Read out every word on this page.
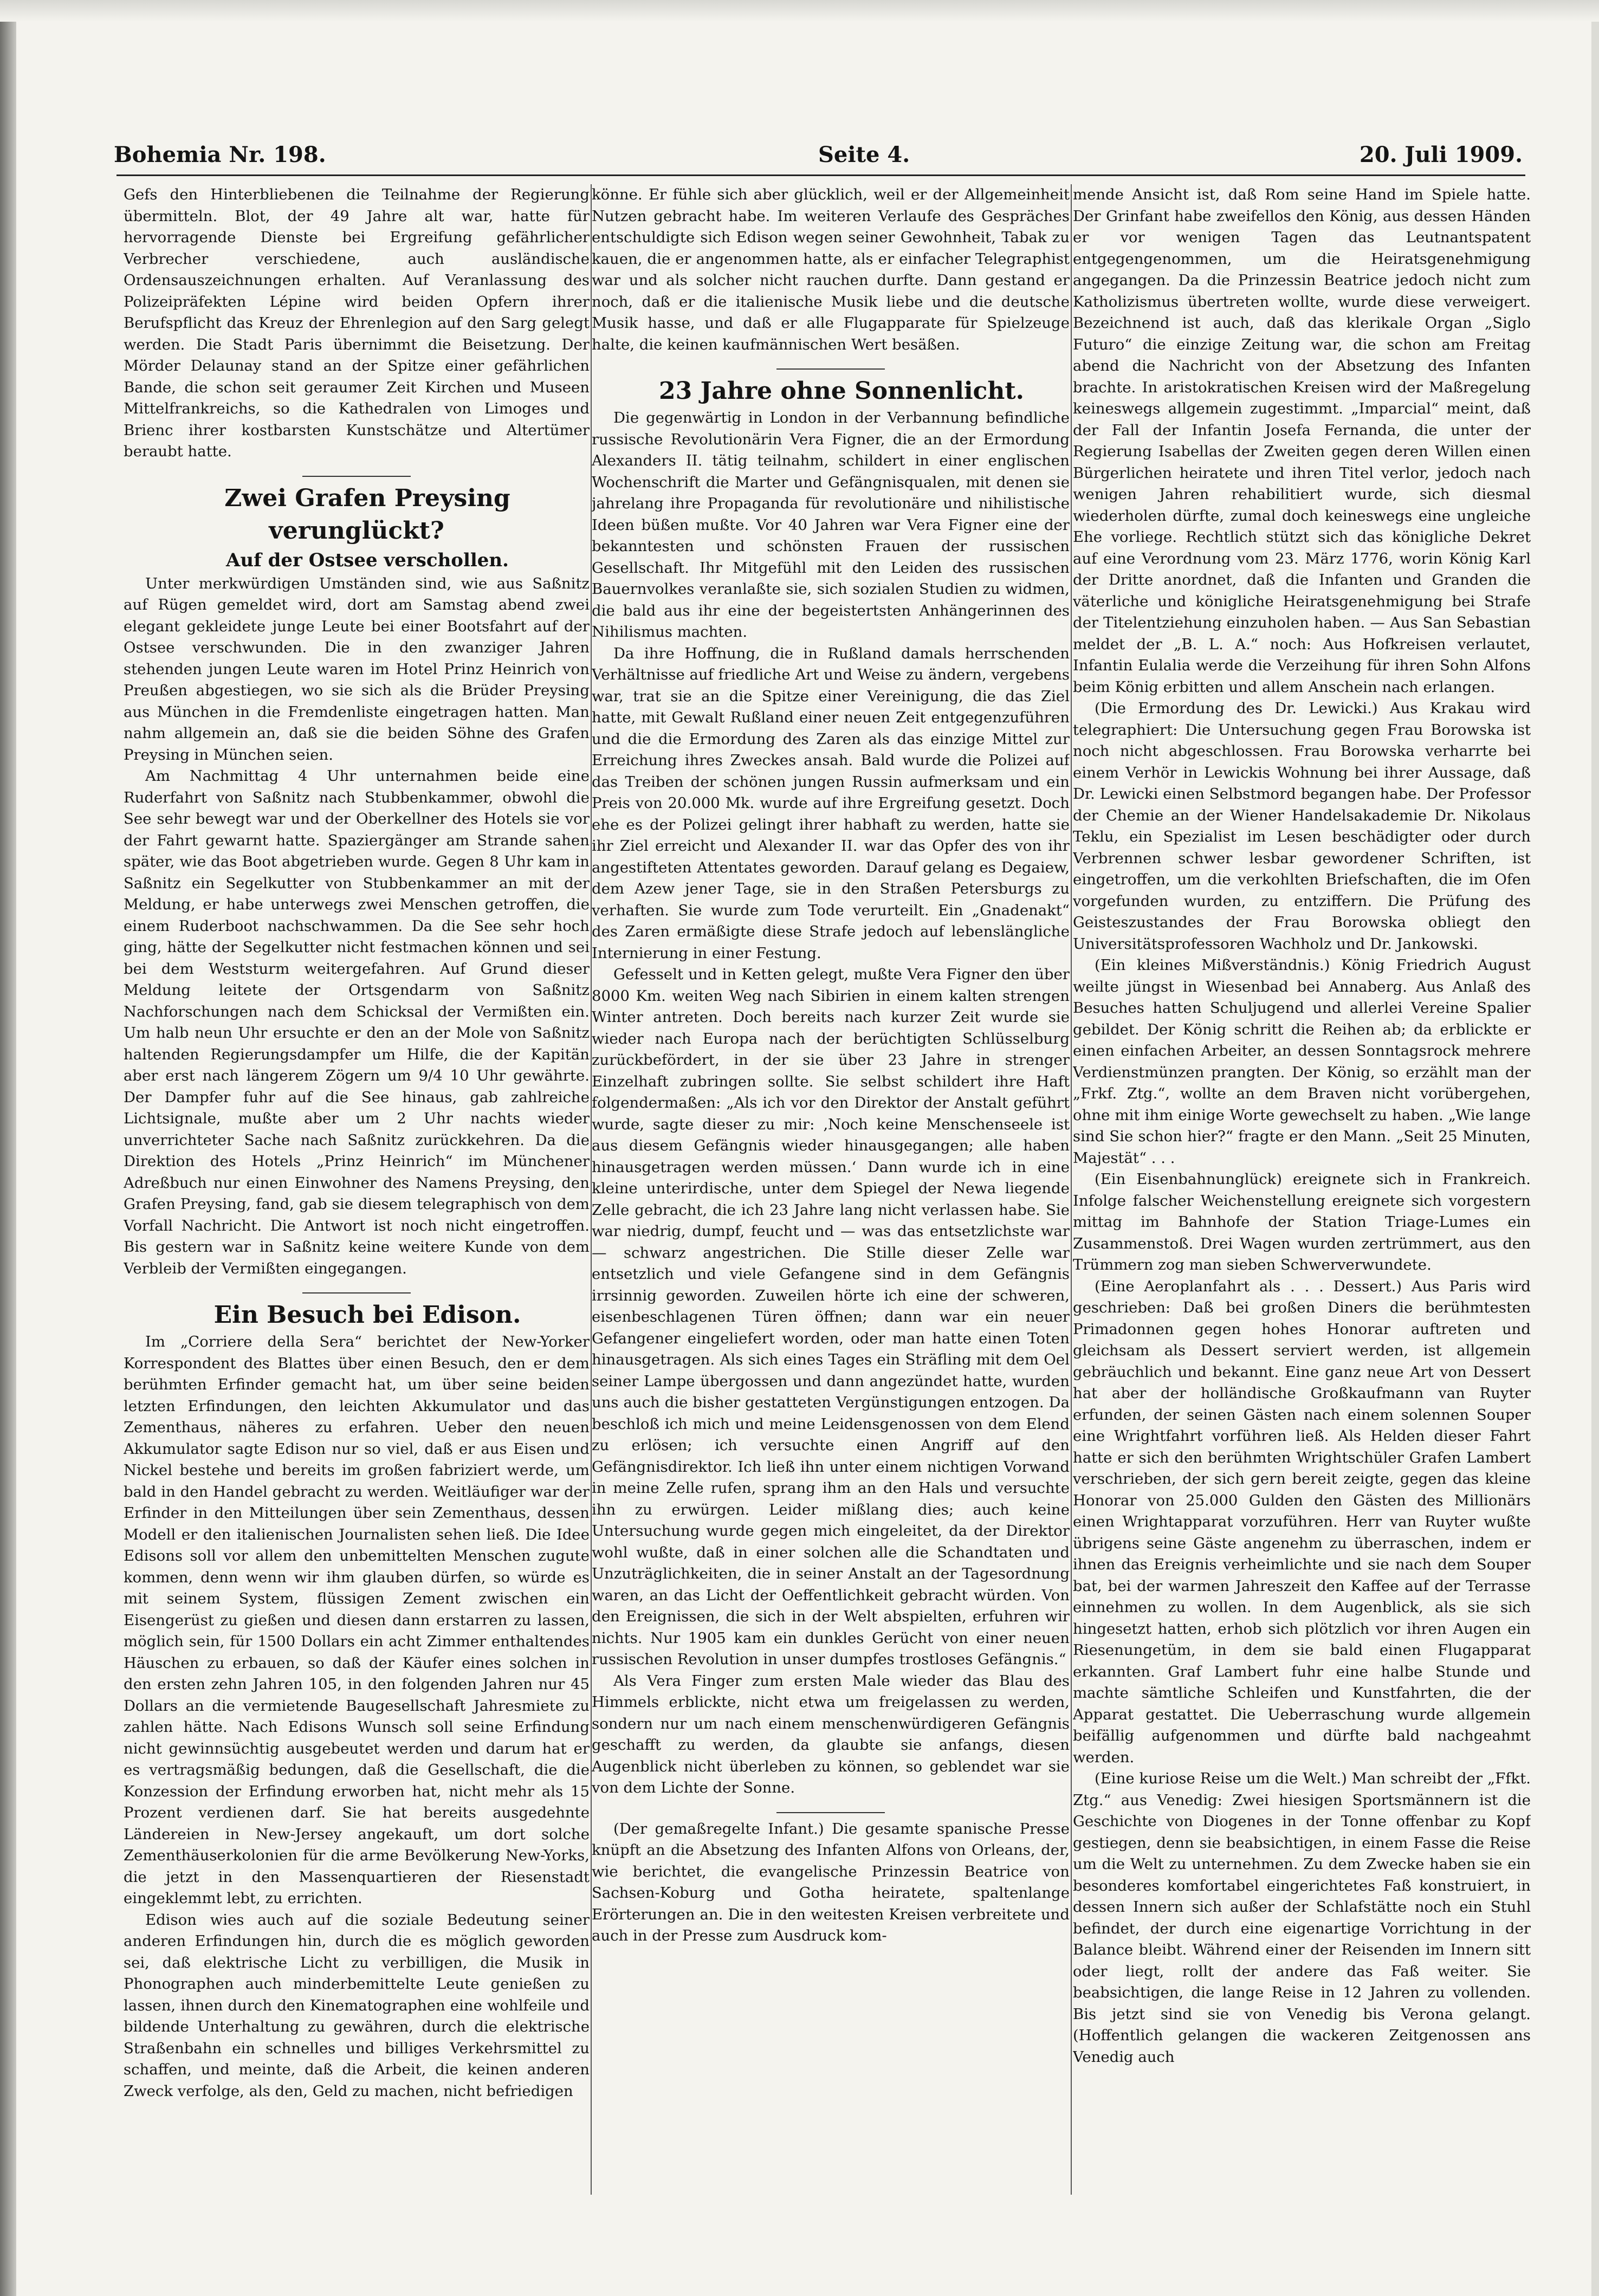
Bohemia Nr. 198.	Seite 4.	20. Juli 1909.

Gefs den Hinterbliebenen die Teilnahme der Regierung übermitteln. Blot, der 49 Jahre alt war, hatte für hervorragende Dienste bei Ergreifung gefährlicher Verbrecher verschiedene, auch ausländische Ordensauszeichnungen erhalten. Auf Veranlassung des Polizeipräfekten Lépine wird beiden Opfern ihrer Berufspflicht das Kreuz der Ehrenlegion auf den Sarg gelegt werden. Die Stadt Paris übernimmt die Beisetzung. Der Mörder Delaunay stand an der Spitze einer gefährlichen Bande, die schon seit geraumer Zeit Kirchen und Museen Mittelfrankreichs, so die Kathedralen von Limoges und Brienc ihrer kostbarsten Kunstschätze und Altertümer beraubt hatte.

Zwei Grafen Preysing verunglückt?

Auf der Ostsee verschollen.

Unter merkwürdigen Umständen sind, wie aus Saßnitz auf Rügen gemeldet wird, dort am Samstag abend zwei elegant gekleidete junge Leute bei einer Bootsfahrt auf der Ostsee verschwunden. Die in den zwanziger Jahren stehenden jungen Leute waren im Hotel Prinz Heinrich von Preußen abgestiegen, wo sie sich als die Brüder Preysing aus München in die Fremdenliste eingetragen hatten. Man nahm allgemein an, daß sie die beiden Söhne des Grafen Preysing in München seien.

Am Nachmittag 4 Uhr unternahmen beide eine Ruderfahrt von Saßnitz nach Stubbenkammer, obwohl die See sehr bewegt war und der Oberkellner des Hotels sie vor der Fahrt gewarnt hatte. Spaziergänger am Strande sahen später, wie das Boot abgetrieben wurde. Gegen 8 Uhr kam in Saßnitz ein Segelkutter von Stubbenkammer an mit der Meldung, er habe unterwegs zwei Menschen getroffen, die einem Ruderboot nachschwammen. Da die See sehr hoch ging, hätte der Segelkutter nicht festmachen können und sei bei dem Weststurm weitergefahren. Auf Grund dieser Meldung leitete der Ortsgendarm von Saßnitz Nachforschungen nach dem Schicksal der Vermißten ein. Um halb neun Uhr ersuchte er den an der Mole von Saßnitz haltenden Regierungsdampfer um Hilfe, die der Kapitän aber erst nach längerem Zögern um 9/4 10 Uhr gewährte. Der Dampfer fuhr auf die See hinaus, gab zahlreiche Lichtsignale, mußte aber um 2 Uhr nachts wieder unverrichteter Sache nach Saßnitz zurückkehren. Da die Direktion des Hotels „Prinz Heinrich“ im Münchener Adreßbuch nur einen Einwohner des Namens Preysing, den Grafen Preysing, fand, gab sie diesem telegraphisch von dem Vorfall Nachricht. Die Antwort ist noch nicht eingetroffen. Bis gestern war in Saßnitz keine weitere Kunde von dem Verbleib der Vermißten eingegangen.

Ein Besuch bei Edison.

Im „Corriere della Sera“ berichtet der New-Yorker Korrespondent des Blattes über einen Besuch, den er dem berühmten Erfinder gemacht hat, um über seine beiden letzten Erfindungen, den leichten Akkumulator und das Zementhaus, näheres zu erfahren. Ueber den neuen Akkumulator sagte Edison nur so viel, daß er aus Eisen und Nickel bestehe und bereits im großen fabriziert werde, um bald in den Handel gebracht zu werden. Weitläufiger war der Erfinder in den Mitteilungen über sein Zementhaus, dessen Modell er den italienischen Journalisten sehen ließ. Die Idee Edisons soll vor allem den unbemittelten Menschen zugute kommen, denn wenn wir ihm glauben dürfen, so würde es mit seinem System, flüssigen Zement zwischen ein Eisengerüst zu gießen und diesen dann erstarren zu lassen, möglich sein, für 1500 Dollars ein acht Zimmer enthaltendes Häuschen zu erbauen, so daß der Käufer eines solchen in den ersten zehn Jahren 105, in den folgenden Jahren nur 45 Dollars an die vermietende Baugesellschaft Jahresmiete zu zahlen hätte. Nach Edisons Wunsch soll seine Erfindung nicht gewinnsüchtig ausgebeutet werden und darum hat er es vertragsmäßig bedungen, daß die Gesellschaft, die die Konzession der Erfindung erworben hat, nicht mehr als 15 Prozent verdienen darf. Sie hat bereits ausgedehnte Ländereien in New-Jersey angekauft, um dort solche Zementhäuserkolonien für die arme Bevölkerung New-Yorks, die jetzt in den Massenquartieren der Riesenstadt eingeklemmt lebt, zu errichten.

Edison wies auch auf die soziale Bedeutung seiner anderen Erfindungen hin, durch die es möglich geworden sei, daß elektrische Licht zu verbilligen, die Musik in Phonographen auch minderbemittelte Leute genießen zu lassen, ihnen durch den Kinematographen eine wohlfeile und bildende Unterhaltung zu gewähren, durch die elektrische Straßenbahn ein schnelles und billiges Verkehrsmittel zu schaffen, und meinte, daß die Arbeit, die keinen anderen Zweck verfolge, als den, Geld zu machen, nicht befriedigen

könne. Er fühle sich aber glücklich, weil er der Allgemeinheit Nutzen gebracht habe. Im weiteren Verlaufe des Gespräches entschuldigte sich Edison wegen seiner Gewohnheit, Tabak zu kauen, die er angenommen hatte, als er einfacher Telegraphist war und als solcher nicht rauchen durfte. Dann gestand er noch, daß er die italienische Musik liebe und die deutsche Musik hasse, und daß er alle Flugapparate für Spielzeuge halte, die keinen kaufmännischen Wert besäßen.

23 Jahre ohne Sonnenlicht.

Die gegenwärtig in London in der Verbannung befindliche russische Revolutionärin Vera Figner, die an der Ermordung Alexanders II. tätig teilnahm, schildert in einer englischen Wochenschrift die Marter und Gefängnisqualen, mit denen sie jahrelang ihre Propaganda für revolutionäre und nihilistische Ideen büßen mußte. Vor 40 Jahren war Vera Figner eine der bekanntesten und schönsten Frauen der russischen Gesellschaft. Ihr Mitgefühl mit den Leiden des russischen Bauernvolkes veranlaßte sie, sich sozialen Studien zu widmen, die bald aus ihr eine der begeistertsten Anhängerinnen des Nihilismus machten.

Da ihre Hoffnung, die in Rußland damals herrschenden Verhältnisse auf friedliche Art und Weise zu ändern, vergebens war, trat sie an die Spitze einer Vereinigung, die das Ziel hatte, mit Gewalt Rußland einer neuen Zeit entgegenzuführen und die die Ermordung des Zaren als das einzige Mittel zur Erreichung ihres Zweckes ansah. Bald wurde die Polizei auf das Treiben der schönen jungen Russin aufmerksam und ein Preis von 20.000 Mk. wurde auf ihre Ergreifung gesetzt. Doch ehe es der Polizei gelingt ihrer habhaft zu werden, hatte sie ihr Ziel erreicht und Alexander II. war das Opfer des von ihr angestifteten Attentates geworden. Darauf gelang es Degaiew, dem Azew jener Tage, sie in den Straßen Petersburgs zu verhaften. Sie wurde zum Tode verurteilt. Ein „Gnadenakt“ des Zaren ermäßigte diese Strafe jedoch auf lebenslängliche Internierung in einer Festung.

Gefesselt und in Ketten gelegt, mußte Vera Figner den über 8000 Km. weiten Weg nach Sibirien in einem kalten strengen Winter antreten. Doch bereits nach kurzer Zeit wurde sie wieder nach Europa nach der berüchtigten Schlüsselburg zurückbefördert, in der sie über 23 Jahre in strenger Einzelhaft zubringen sollte. Sie selbst schildert ihre Haft folgendermaßen: „Als ich vor den Direktor der Anstalt geführt wurde, sagte dieser zu mir: ‚Noch keine Menschenseele ist aus diesem Gefängnis wieder hinausgegangen; alle haben hinausgetragen werden müssen.‘ Dann wurde ich in eine kleine unterirdische, unter dem Spiegel der Newa liegende Zelle gebracht, die ich 23 Jahre lang nicht verlassen habe. Sie war niedrig, dumpf, feucht und — was das entsetzlichste war — schwarz angestrichen. Die Stille dieser Zelle war entsetzlich und viele Gefangene sind in dem Gefängnis irrsinnig geworden. Zuweilen hörte ich eine der schweren, eisenbeschlagenen Türen öffnen; dann war ein neuer Gefangener eingeliefert worden, oder man hatte einen Toten hinausgetragen. Als sich eines Tages ein Sträfling mit dem Oel seiner Lampe übergossen und dann angezündet hatte, wurden uns auch die bisher gestatteten Vergünstigungen entzogen. Da beschloß ich mich und meine Leidensgenossen von dem Elend zu erlösen; ich versuchte einen Angriff auf den Gefängnisdirektor. Ich ließ ihn unter einem nichtigen Vorwand in meine Zelle rufen, sprang ihm an den Hals und versuchte ihn zu erwürgen. Leider mißlang dies; auch keine Untersuchung wurde gegen mich eingeleitet, da der Direktor wohl wußte, daß in einer solchen alle die Schandtaten und Unzuträglichkeiten, die in seiner Anstalt an der Tagesordnung waren, an das Licht der Oeffentlichkeit gebracht würden. Von den Ereignissen, die sich in der Welt abspielten, erfuhren wir nichts. Nur 1905 kam ein dunkles Gerücht von einer neuen russischen Revolution in unser dumpfes trostloses Gefängnis.“

Als Vera Finger zum ersten Male wieder das Blau des Himmels erblickte, nicht etwa um freigelassen zu werden, sondern nur um nach einem menschenwürdigeren Gefängnis geschafft zu werden, da glaubte sie anfangs, diesen Augenblick nicht überleben zu können, so geblendet war sie von dem Lichte der Sonne.

(Der gemaßregelte Infant.) Die gesamte spanische Presse knüpft an die Absetzung des Infanten Alfons von Orleans, der, wie berichtet, die evangelische Prinzessin Beatrice von Sachsen-Koburg und Gotha heiratete, spaltenlange Erörterungen an. Die in den weitesten Kreisen verbreitete und auch in der Presse zum Ausdruck kom-

mende Ansicht ist, daß Rom seine Hand im Spiele hatte. Der Grinfant habe zweifellos den König, aus dessen Händen er vor wenigen Tagen das Leutnantspatent entgegengenommen, um die Heiratsgenehmigung angegangen. Da die Prinzessin Beatrice jedoch nicht zum Katholizismus übertreten wollte, wurde diese verweigert. Bezeichnend ist auch, daß das klerikale Organ „Siglo Futuro“ die einzige Zeitung war, die schon am Freitag abend die Nachricht von der Absetzung des Infanten brachte. In aristokratischen Kreisen wird der Maßregelung keineswegs allgemein zugestimmt. „Imparcial“ meint, daß der Fall der Infantin Josefa Fernanda, die unter der Regierung Isabellas der Zweiten gegen deren Willen einen Bürgerlichen heiratete und ihren Titel verlor, jedoch nach wenigen Jahren rehabilitiert wurde, sich diesmal wiederholen dürfte, zumal doch keineswegs eine ungleiche Ehe vorliege. Rechtlich stützt sich das königliche Dekret auf eine Verordnung vom 23. März 1776, worin König Karl der Dritte anordnet, daß die Infanten und Granden die väterliche und königliche Heiratsgenehmigung bei Strafe der Titelentziehung einzuholen haben. — Aus San Sebastian meldet der „B. L. A.“ noch: Aus Hofkreisen verlautet, Infantin Eulalia werde die Verzeihung für ihren Sohn Alfons beim König erbitten und allem Anschein nach erlangen.

(Die Ermordung des Dr. Lewicki.) Aus Krakau wird telegraphiert: Die Untersuchung gegen Frau Borowska ist noch nicht abgeschlossen. Frau Borowska verharrte bei einem Verhör in Lewickis Wohnung bei ihrer Aussage, daß Dr. Lewicki einen Selbstmord begangen habe. Der Professor der Chemie an der Wiener Handelsakademie Dr. Nikolaus Teklu, ein Spezialist im Lesen beschädigter oder durch Verbrennen schwer lesbar gewordener Schriften, ist eingetroffen, um die verkohlten Briefschaften, die im Ofen vorgefunden wurden, zu entziffern. Die Prüfung des Geisteszustandes der Frau Borowska obliegt den Universitätsprofessoren Wachholz und Dr. Jankowski.

(Ein kleines Mißverständnis.) König Friedrich August weilte jüngst in Wiesenbad bei Annaberg. Aus Anlaß des Besuches hatten Schuljugend und allerlei Vereine Spalier gebildet. Der König schritt die Reihen ab; da erblickte er einen einfachen Arbeiter, an dessen Sonntagsrock mehrere Verdienstmünzen prangten. Der König, so erzählt man der „Frkf. Ztg.“, wollte an dem Braven nicht vorübergehen, ohne mit ihm einige Worte gewechselt zu haben. „Wie lange sind Sie schon hier?“ fragte er den Mann. „Seit 25 Minuten, Majestät“ . . .

(Ein Eisenbahnunglück) ereignete sich in Frankreich. Infolge falscher Weichenstellung ereignete sich vorgestern mittag im Bahnhofe der Station Triage-Lumes ein Zusammenstoß. Drei Wagen wurden zertrümmert, aus den Trümmern zog man sieben Schwerverwundete.

(Eine Aeroplanfahrt als . . . Dessert.) Aus Paris wird geschrieben: Daß bei großen Diners die berühmtesten Primadonnen gegen hohes Honorar auftreten und gleichsam als Dessert serviert werden, ist allgemein gebräuchlich und bekannt. Eine ganz neue Art von Dessert hat aber der holländische Großkaufmann van Ruyter erfunden, der seinen Gästen nach einem solennen Souper eine Wrightfahrt vorführen ließ. Als Helden dieser Fahrt hatte er sich den berühmten Wrightschüler Grafen Lambert verschrieben, der sich gern bereit zeigte, gegen das kleine Honorar von 25.000 Gulden den Gästen des Millionärs einen Wrightapparat vorzuführen. Herr van Ruyter wußte übrigens seine Gäste angenehm zu überraschen, indem er ihnen das Ereignis verheimlichte und sie nach dem Souper bat, bei der warmen Jahreszeit den Kaffee auf der Terrasse einnehmen zu wollen. In dem Augenblick, als sie sich hingesetzt hatten, erhob sich plötzlich vor ihren Augen ein Riesenungetüm, in dem sie bald einen Flugapparat erkannten. Graf Lambert fuhr eine halbe Stunde und machte sämtliche Schleifen und Kunstfahrten, die der Apparat gestattet. Die Ueberraschung wurde allgemein beifällig aufgenommen und dürfte bald nachgeahmt werden.

(Eine kuriose Reise um die Welt.) Man schreibt der „Ffkt. Ztg.“ aus Venedig: Zwei hiesigen Sportsmännern ist die Geschichte von Diogenes in der Tonne offenbar zu Kopf gestiegen, denn sie beabsichtigen, in einem Fasse die Reise um die Welt zu unternehmen. Zu dem Zwecke haben sie ein besonderes komfortabel eingerichtetes Faß konstruiert, in dessen Innern sich außer der Schlafstätte noch ein Stuhl befindet, der durch eine eigenartige Vorrichtung in der Balance bleibt. Während einer der Reisenden im Innern sitt oder liegt, rollt der andere das Faß weiter. Sie beabsichtigen, die lange Reise in 12 Jahren zu vollenden. Bis jetzt sind sie von Venedig bis Verona gelangt. (Hoffentlich gelangen die wackeren Zeitgenossen ans Venedig auch
